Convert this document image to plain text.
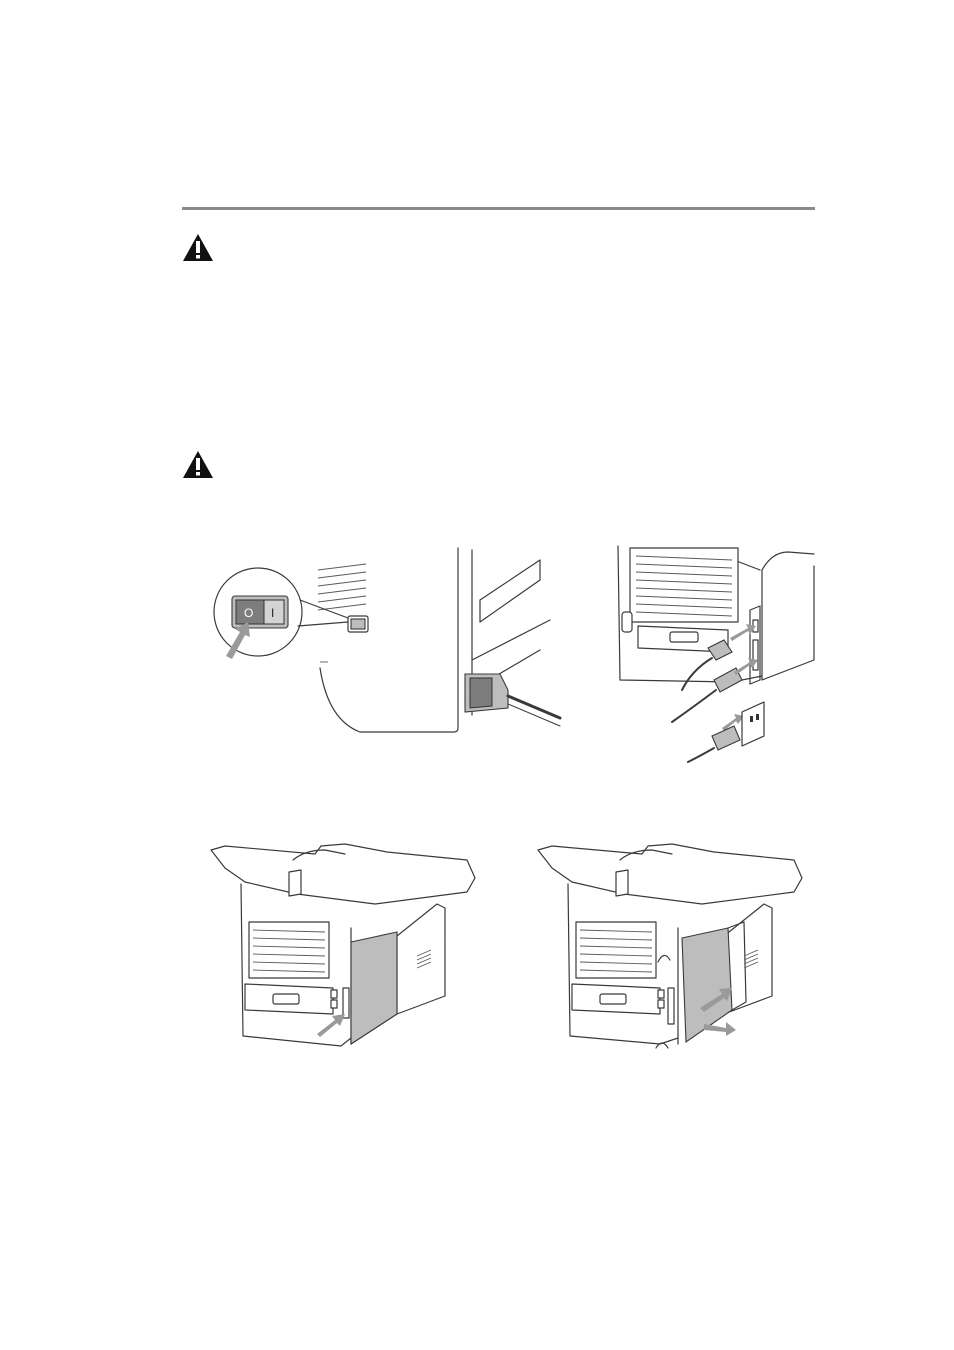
O I
